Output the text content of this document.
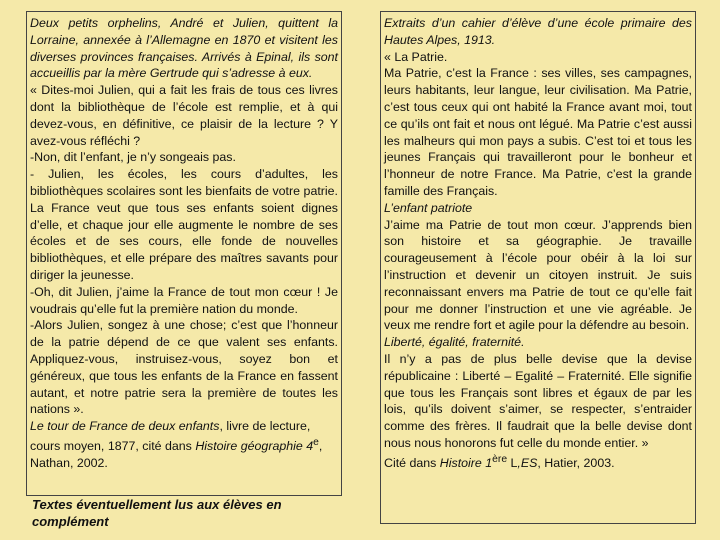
Deux petits orphelins, André et Julien, quittent la Lorraine, annexée à l’Allemagne en 1870 et visitent les diverses provinces françaises. Arrivés à Epinal, ils sont accueillis par la mère Gertrude qui s’adresse à eux.

« Dites-moi Julien, qui a fait les frais de tous ces livres dont la bibliothèque de l’école est remplie, et à qui devez-vous, en définitive, ce plaisir de la lecture ? Y avez-vous réfléchi ?

-Non, dit l’enfant, je n’y songeais pas.

- Julien, les écoles, les cours d’adultes, les bibliothèques scolaires sont les bienfaits de votre patrie. La France veut que tous ses enfants soient dignes d’elle, et chaque jour elle augmente le nombre de ses écoles et de ses cours, elle fonde de nouvelles bibliothèques, et elle prépare des maîtres savants pour diriger la jeunesse.

-Oh, dit Julien, j’aime la France de tout mon cœur ! Je voudrais qu’elle fut la première nation du monde.

-Alors Julien, songez à une chose; c’est que l’honneur de la patrie dépend de ce que valent ses enfants. Appliquez-vous, instruisez-vous, soyez bon et généreux, que tous les enfants de la France en fassent autant, et notre patrie sera la première de toutes les nations ».

Le tour de France de deux enfants, livre de lecture, cours moyen, 1877, cité dans Histoire géographie 4e, Nathan, 2002.

Textes éventuellement lus aux élèves en complément

Extraits d’un cahier d’élève d’une école primaire des Hautes Alpes, 1913.

« La Patrie.

Ma Patrie, c’est la France : ses villes, ses campagnes, leurs habitants, leur langue, leur civilisation. Ma Patrie, c’est tous ceux qui ont habité la France avant moi, tout ce qu’ils ont fait et nous ont légué. Ma Patrie c’est aussi les malheurs qui mon pays a subis. C’est toi et tous les jeunes Français qui travailleront pour le bonheur et l’honneur de notre France. Ma Patrie, c’est la grande famille des Français.

L’enfant patriote

J’aime ma Patrie de tout mon cœur. J’apprends bien son histoire et sa géographie. Je travaille courageusement à l’école pour obéir à la loi sur l’instruction et devenir un citoyen instruit. Je suis reconnaissant envers ma Patrie de tout ce qu’elle fait pour me donner l’instruction et une vie agréable. Je veux me rendre fort et agile pour la défendre au besoin.

Liberté, égalité, fraternité.

Il n’y a pas de plus belle devise que la devise républicaine : Liberté – Egalité – Fraternité. Elle signifie que tous les Français sont libres et égaux de par les lois, qu’ils doivent s’aimer, se respecter, s’entraider comme des frères. Il faudrait que la belle devise dont nous nous honorons fut celle du monde entier. »

Cité dans Histoire 1ère L,ES, Hatier, 2003.
